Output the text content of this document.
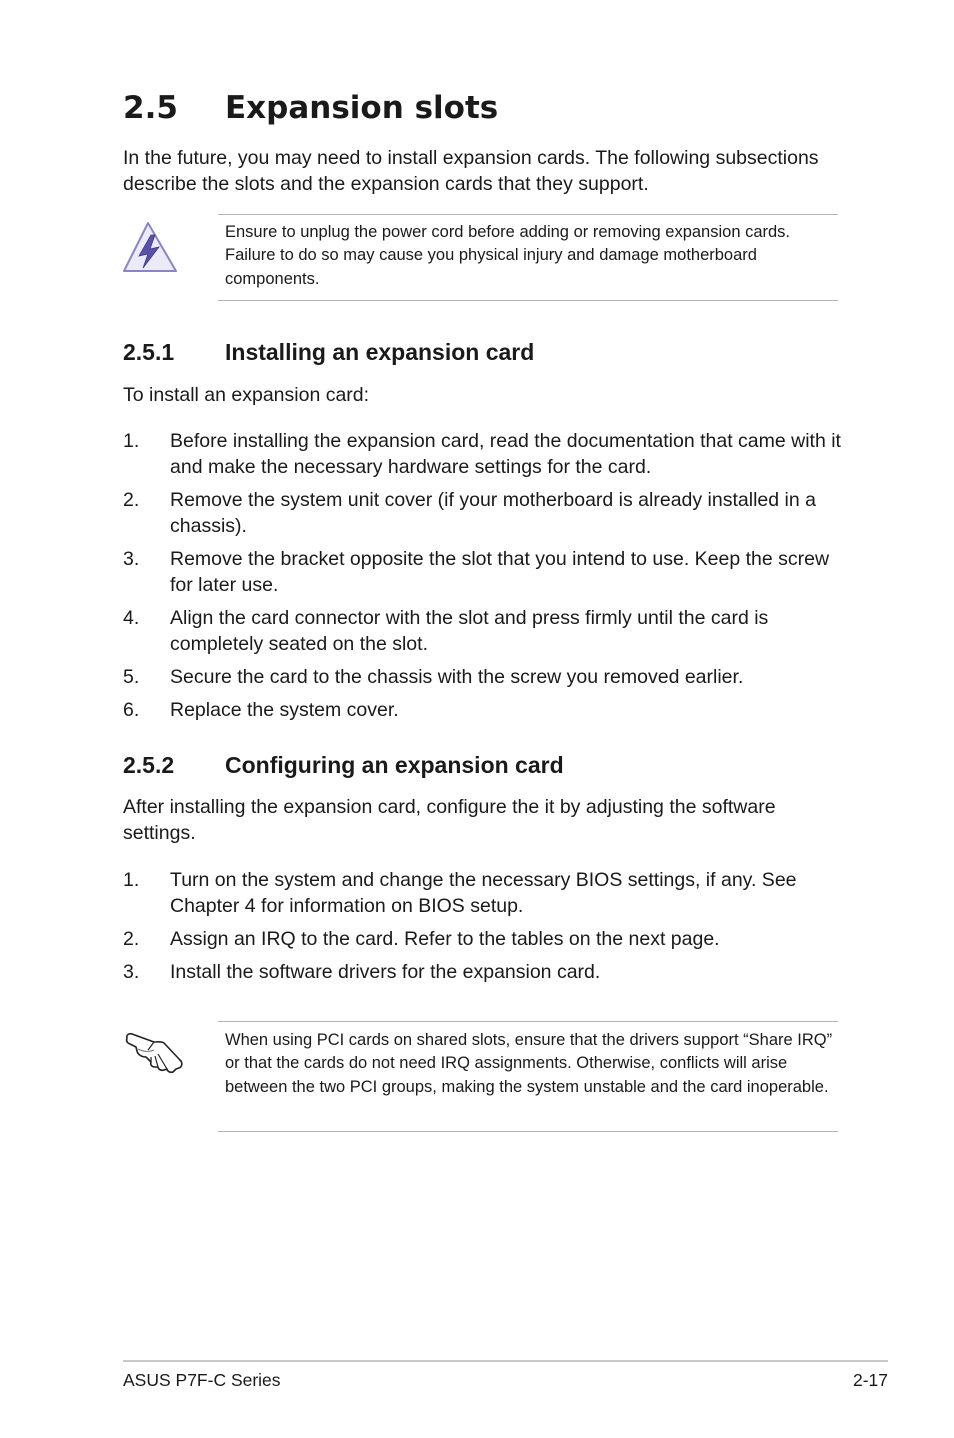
2.5 Expansion slots

In the future, you may need to install expansion cards. The following subsections describe the slots and the expansion cards that they support.

Ensure to unplug the power cord before adding or removing expansion cards. Failure to do so may cause you physical injury and damage motherboard components.

2.5.1 Installing an expansion card

To install an expansion card:

1. Before installing the expansion card, read the documentation that came with it and make the necessary hardware settings for the card.
2. Remove the system unit cover (if your motherboard is already installed in a chassis).
3. Remove the bracket opposite the slot that you intend to use. Keep the screw for later use.
4. Align the card connector with the slot and press firmly until the card is completely seated on the slot.
5. Secure the card to the chassis with the screw you removed earlier.
6. Replace the system cover.
2.5.2 Configuring an expansion card

After installing the expansion card, configure the it by adjusting the software settings.

1. Turn on the system and change the necessary BIOS settings, if any. See Chapter 4 for information on BIOS setup.
2. Assign an IRQ to the card. Refer to the tables on the next page.
3. Install the software drivers for the expansion card.

When using PCI cards on shared slots, ensure that the drivers support “Share IRQ” or that the cards do not need IRQ assignments. Otherwise, conflicts will arise between the two PCI groups, making the system unstable and the card inoperable.

ASUS P7F-C Series	2-17
